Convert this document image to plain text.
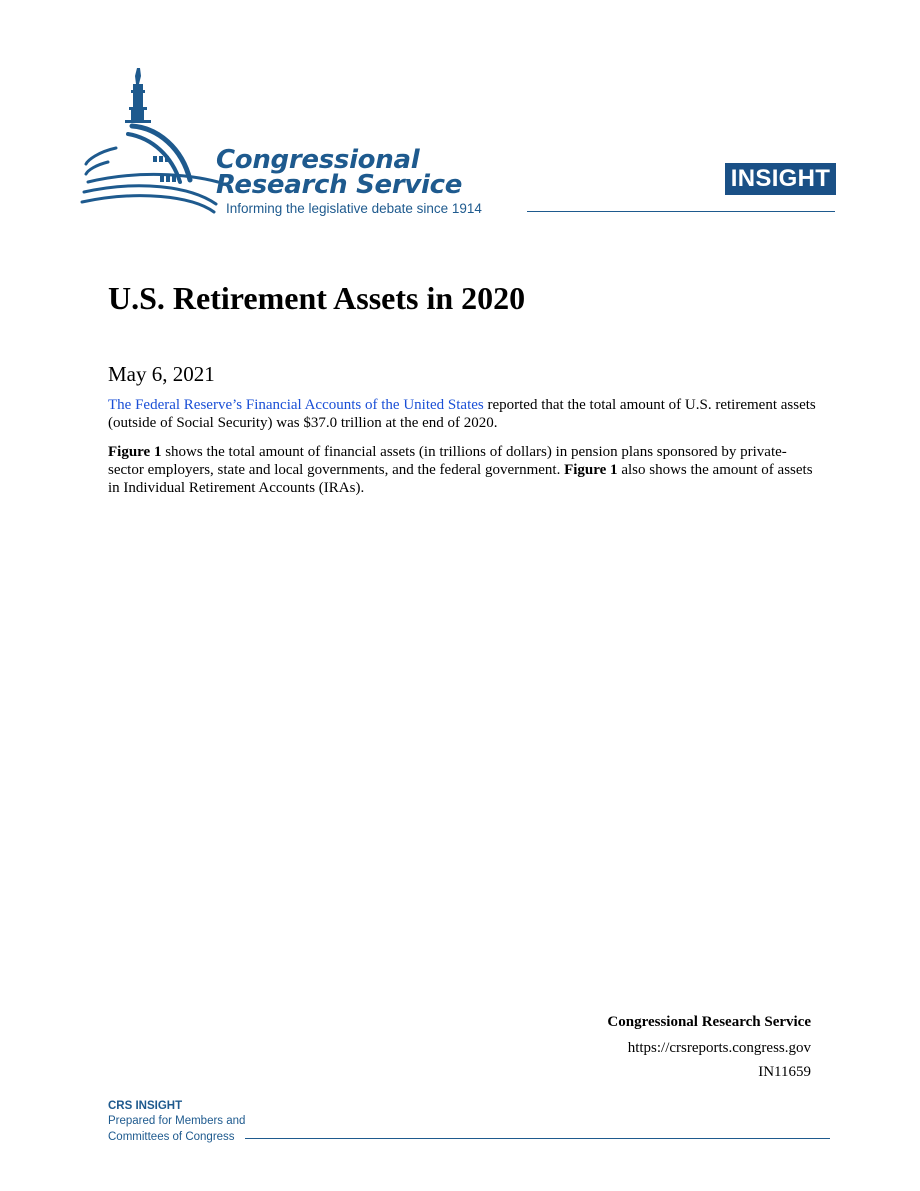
Congressional
Research Service
Informing the legislative debate since 1914
INSIGHT
U.S. Retirement Assets in 2020
May 6, 2021

The Federal Reserve’s Financial Accounts of the United States reported that the total amount of U.S. retirement assets (outside of Social Security) was $37.0 trillion at the end of 2020.

Figure 1 shows the total amount of financial assets (in trillions of dollars) in pension plans sponsored by private-sector employers, state and local governments, and the federal government. Figure 1 also shows the amount of assets in Individual Retirement Accounts (IRAs).

Congressional Research Service
https://crsreports.congress.gov
IN11659
CRS INSIGHT
Prepared for Members and
Committees of Congress
